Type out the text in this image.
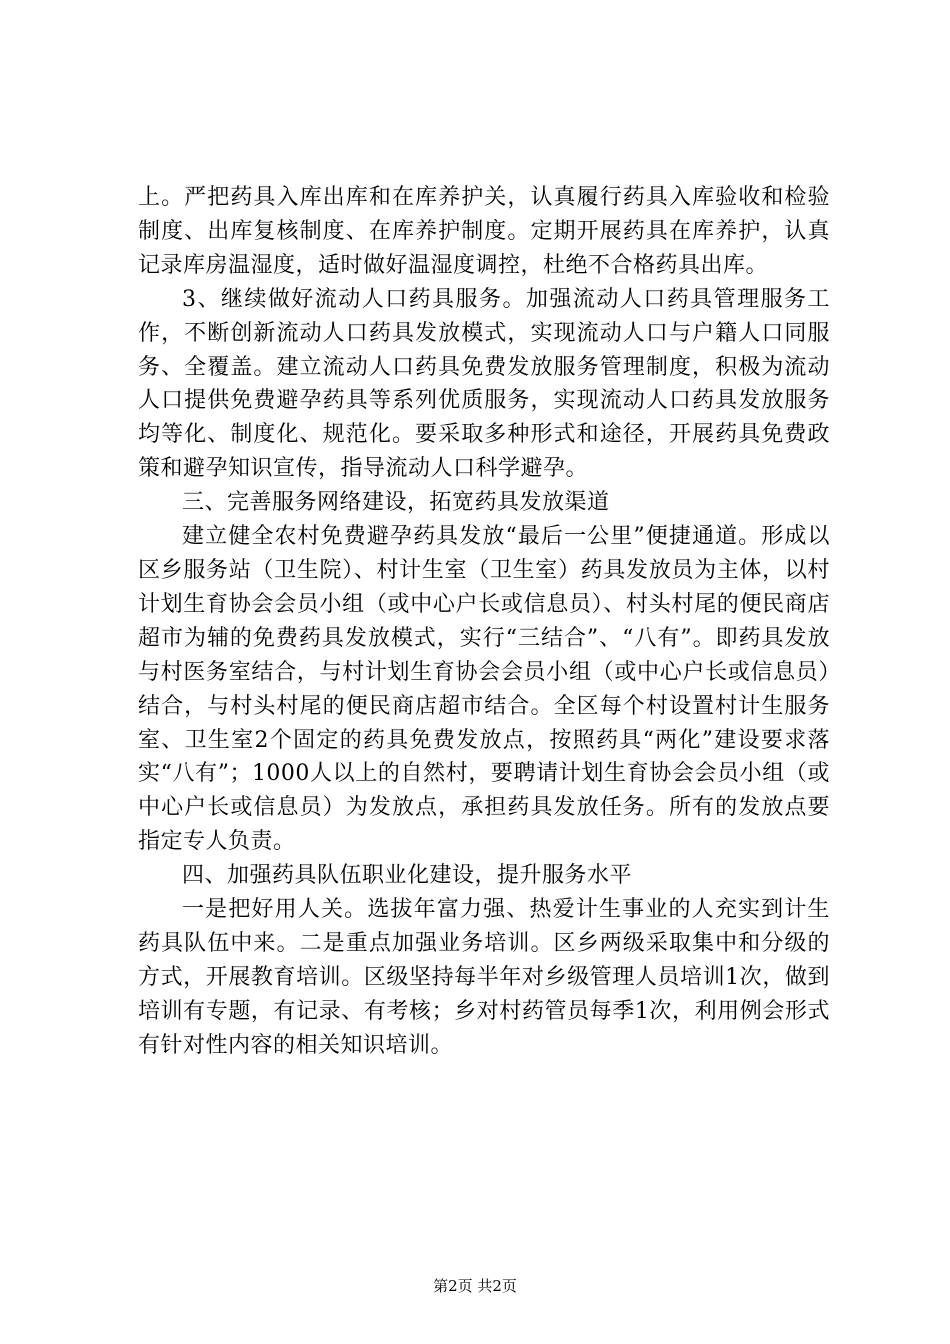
上。严把药具入库出库和在库养护关，认真履行药具入库验收和检验制度、出库复核制度、在库养护制度。定期开展药具在库养护，认真记录库房温湿度，适时做好温湿度调控，杜绝不合格药具出库。

3、继续做好流动人口药具服务。加强流动人口药具管理服务工作，不断创新流动人口药具发放模式，实现流动人口与户籍人口同服务、全覆盖。建立流动人口药具免费发放服务管理制度，积极为流动人口提供免费避孕药具等系列优质服务，实现流动人口药具发放服务均等化、制度化、规范化。要采取多种形式和途径，开展药具免费政策和避孕知识宣传，指导流动人口科学避孕。

三、完善服务网络建设，拓宽药具发放渠道

建立健全农村免费避孕药具发放“最后一公里”便捷通道。形成以区乡服务站（卫生院）、村计生室（卫生室）药具发放员为主体，以村计划生育协会会员小组（或中心户长或信息员）、村头村尾的便民商店超市为辅的免费药具发放模式，实行“三结合”、“八有”。即药具发放与村医务室结合，与村计划生育协会会员小组（或中心户长或信息员）结合，与村头村尾的便民商店超市结合。全区每个村设置村计生服务室、卫生室2个固定的药具免费发放点，按照药具“两化”建设要求落实“八有”；1000人以上的自然村，要聘请计划生育协会会员小组（或中心户长或信息员）为发放点，承担药具发放任务。所有的发放点要指定专人负责。

四、加强药具队伍职业化建设，提升服务水平

一是把好用人关。选拔年富力强、热爱计生事业的人充实到计生药具队伍中来。二是重点加强业务培训。区乡两级采取集中和分级的方式，开展教育培训。区级坚持每半年对乡级管理人员培训1次，做到培训有专题，有记录、有考核；乡对村药管员每季1次，利用例会形式有针对性内容的相关知识培训。

第2页 共2页
